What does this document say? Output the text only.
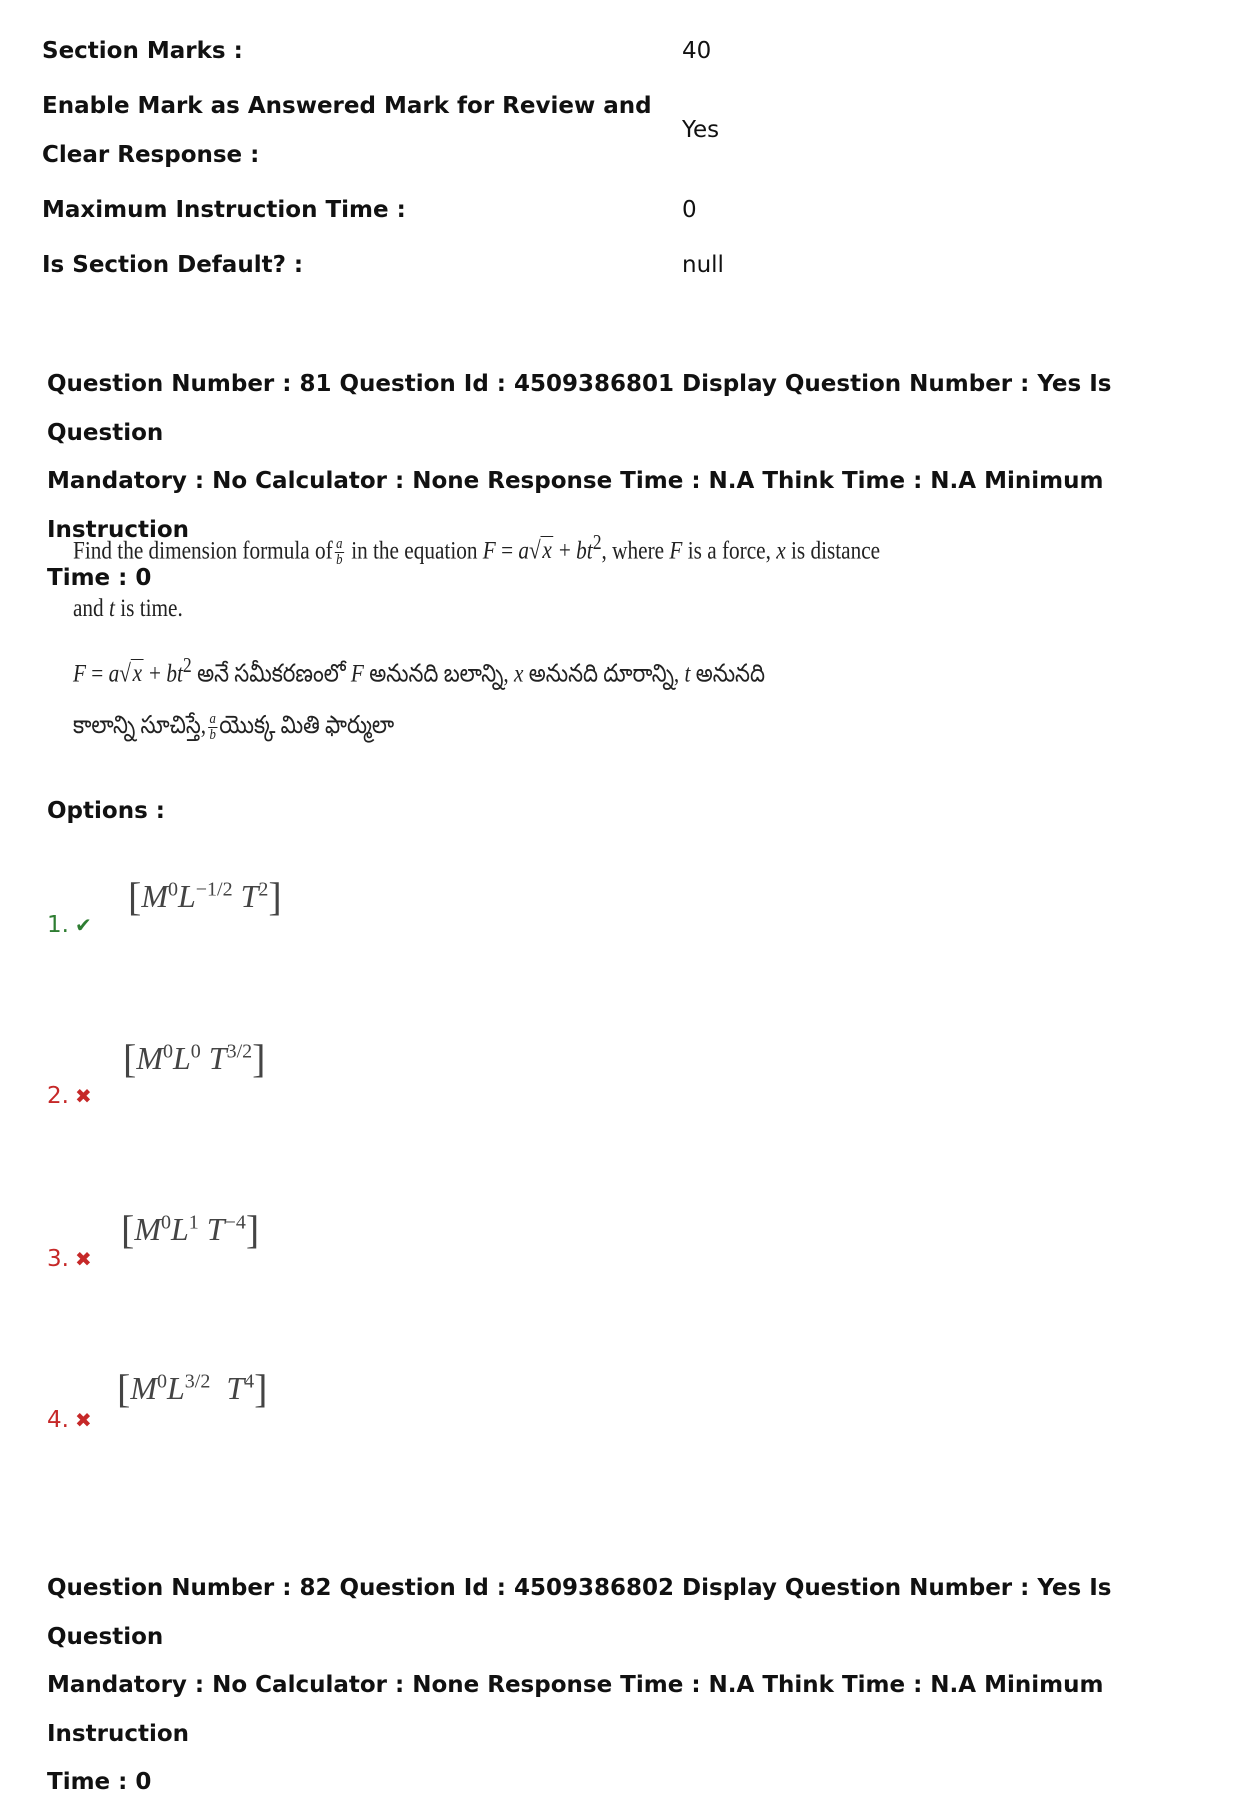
Section Marks :	40
Enable Mark as Answered Mark for Review and
Clear Response :
Yes
Maximum Instruction Time :	0
Is Section Default? :	null
Question Number : 81 Question Id : 4509386801 Display Question Number : Yes Is Question
Mandatory : No Calculator : None Response Time : N.A Think Time : N.A Minimum Instruction
Time : 0
Find the dimension formula of $\frac{a}{b}$ in the equation $F = a√x + bt^2$, where F is a force, x is distance
and t is time.
$F = a√x + bt^2$ అనే సమీకరణంలో F అనునది బలాన్ని, x అనునది దూరాన్ని, t అనునది
కాలాన్ని సూచిస్తే, $\frac{a}{b}$ యొక్క మితి ఫార్ములా
Options :
1. ✔
[$M^0L^{-1/2}$ $T^2$]
2. ✖
[$M^0L^0$ $T^{3/2}$]
3. ✖
[$M^0L^1$ $T^{-4}$]
4. ✖
[$M^0L^{3/2}$ $T^4$]
Question Number : 82 Question Id : 4509386802 Display Question Number : Yes Is Question
Mandatory : No Calculator : None Response Time : N.A Think Time : N.A Minimum Instruction
Time : 0
